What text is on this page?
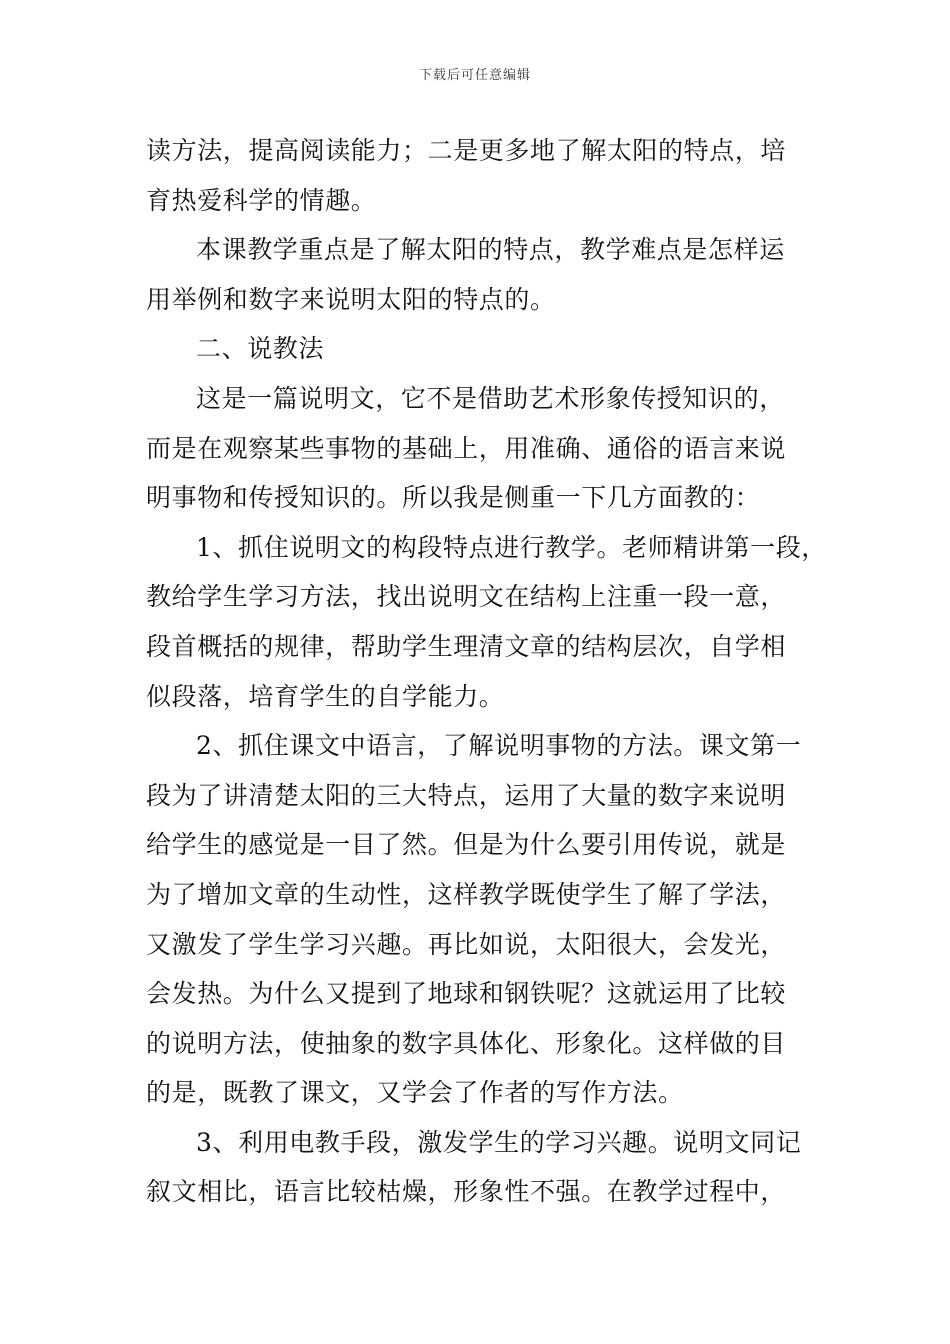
下载后可任意编辑

读方法，提高阅读能力；二是更多地了解太阳的特点，培
育热爱科学的情趣。

本课教学重点是了解太阳的特点，教学难点是怎样运
用举例和数字来说明太阳的特点的。

二、说教法

这是一篇说明文，它不是借助艺术形象传授知识的，
而是在观察某些事物的基础上，用准确、通俗的语言来说
明事物和传授知识的。所以我是侧重一下几方面教的：

1、抓住说明文的构段特点进行教学。老师精讲第一段，
教给学生学习方法，找出说明文在结构上注重一段一意，
段首概括的规律，帮助学生理清文章的结构层次，自学相
似段落，培育学生的自学能力。

2、抓住课文中语言，了解说明事物的方法。课文第一
段为了讲清楚太阳的三大特点，运用了大量的数字来说明
给学生的感觉是一目了然。但是为什么要引用传说，就是
为了增加文章的生动性，这样教学既使学生了解了学法，
又激发了学生学习兴趣。再比如说，太阳很大，会发光，
会发热。为什么又提到了地球和钢铁呢？这就运用了比较
的说明方法，使抽象的数字具体化、形象化。这样做的目
的是，既教了课文，又学会了作者的写作方法。

3、利用电教手段，激发学生的学习兴趣。说明文同记
叙文相比，语言比较枯燥，形象性不强。在教学过程中，
